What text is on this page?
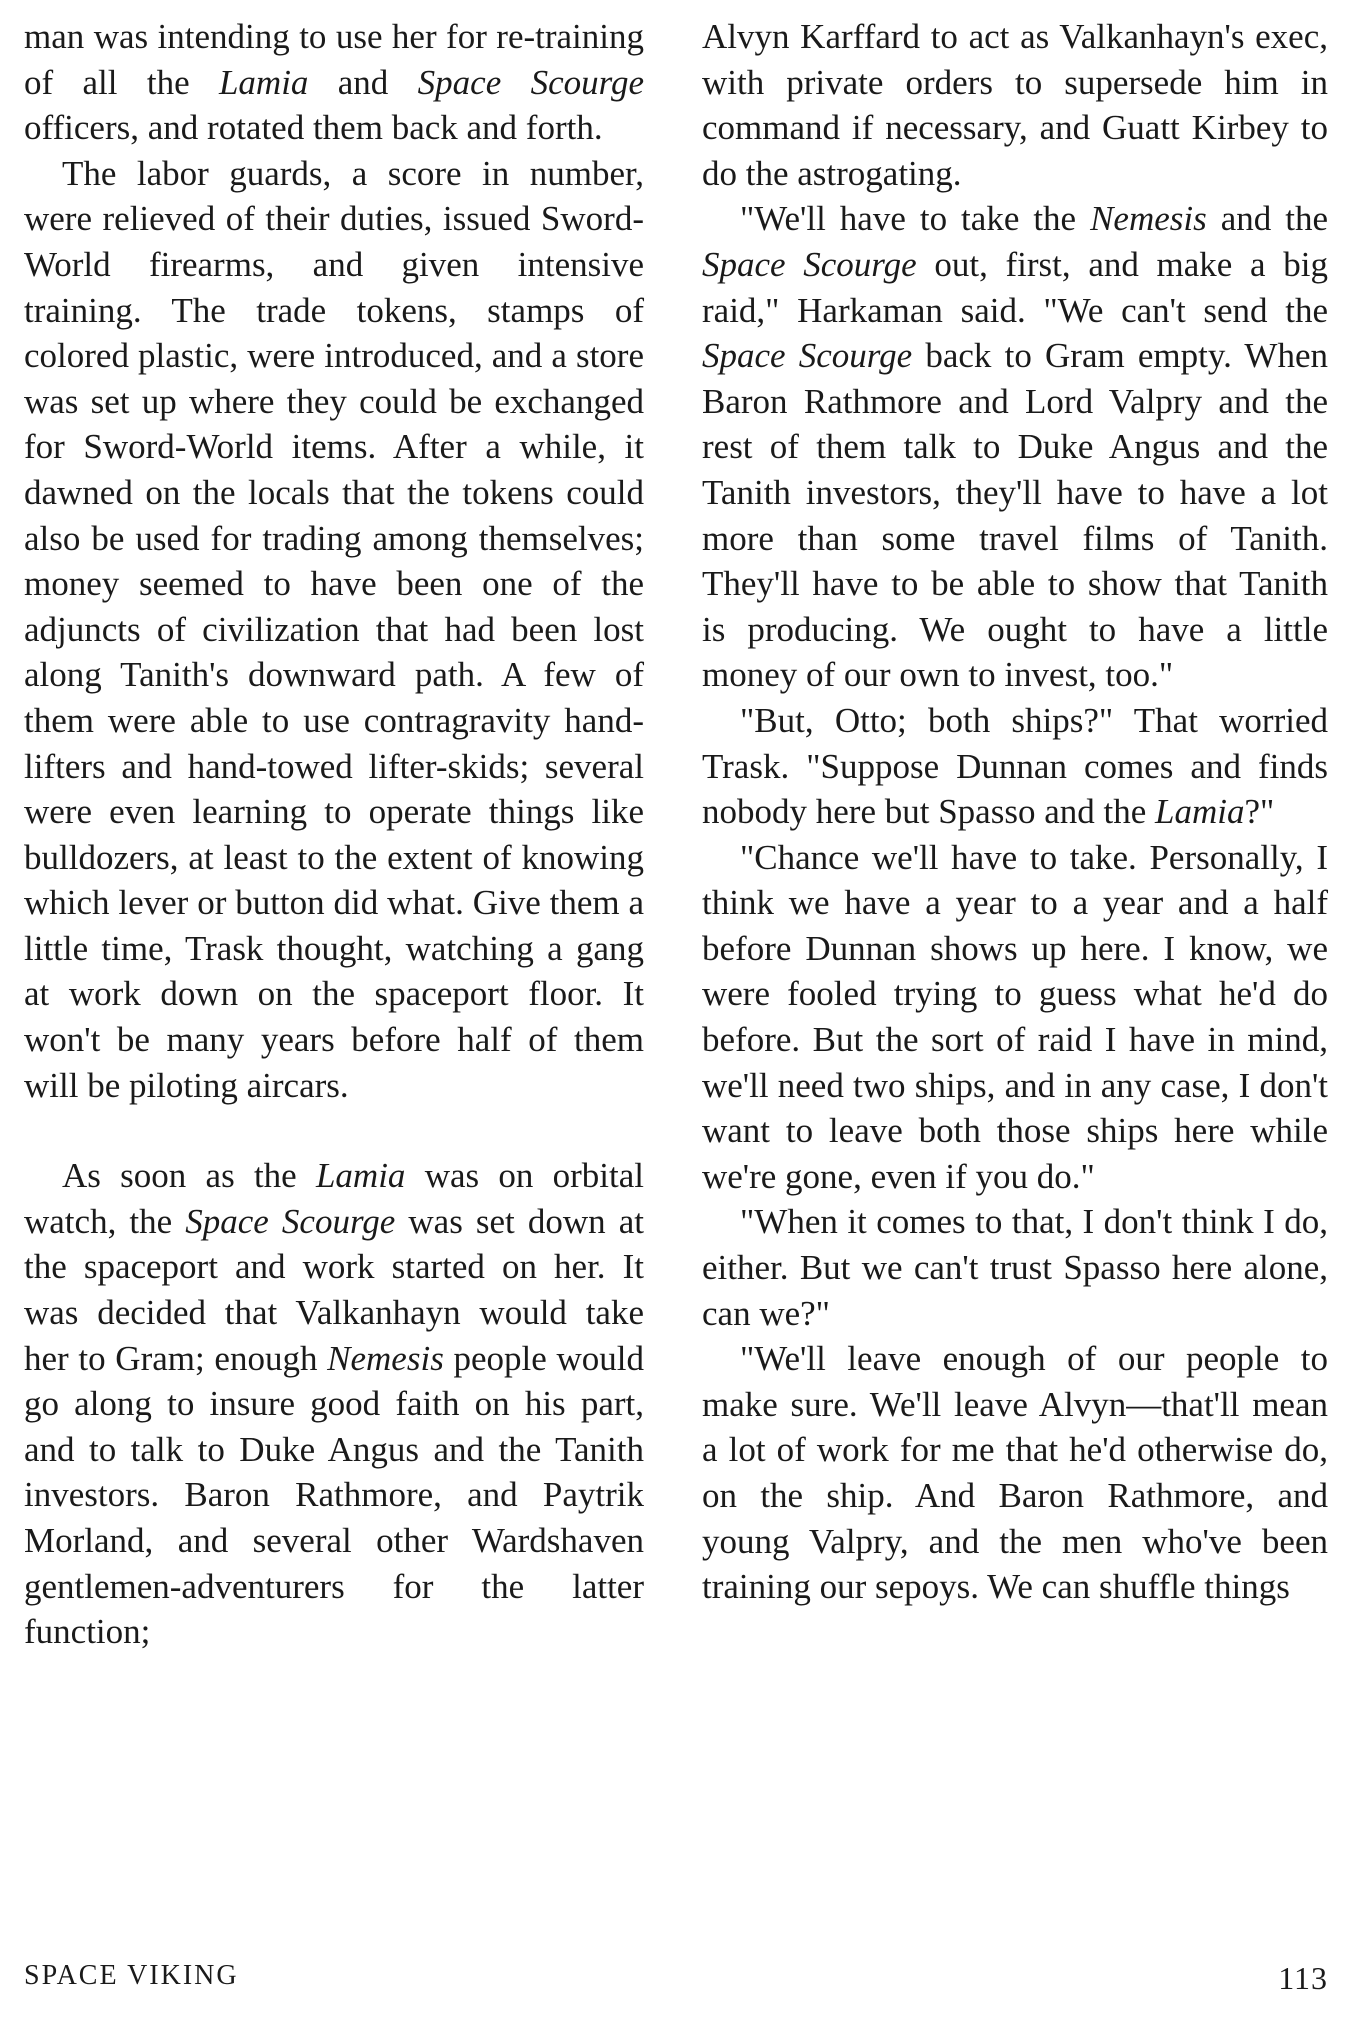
man was intending to use her for re-training of all the Lamia and Space Scourge officers, and rotated them back and forth.

The labor guards, a score in number, were relieved of their duties, issued Sword-World firearms, and given intensive training. The trade tokens, stamps of colored plastic, were introduced, and a store was set up where they could be exchanged for Sword-World items. After a while, it dawned on the locals that the tokens could also be used for trading among themselves; money seemed to have been one of the adjuncts of civilization that had been lost along Tanith's downward path. A few of them were able to use contragravity hand-lifters and hand-towed lifter-skids; several were even learning to operate things like bulldozers, at least to the extent of knowing which lever or button did what. Give them a little time, Trask thought, watching a gang at work down on the spaceport floor. It won't be many years before half of them will be piloting aircars.

As soon as the Lamia was on orbital watch, the Space Scourge was set down at the spaceport and work started on her. It was decided that Valkanhayn would take her to Gram; enough Nemesis people would go along to insure good faith on his part, and to talk to Duke Angus and the Tanith investors. Baron Rathmore, and Paytrik Morland, and several other Wardshaven gentlemen-adventurers for the latter function;

Alvyn Karffard to act as Valkanhayn's exec, with private orders to supersede him in command if necessary, and Guatt Kirbey to do the astrogating.

"We'll have to take the Nemesis and the Space Scourge out, first, and make a big raid," Harkaman said. "We can't send the Space Scourge back to Gram empty. When Baron Rathmore and Lord Valpry and the rest of them talk to Duke Angus and the Tanith investors, they'll have to have a lot more than some travel films of Tanith. They'll have to be able to show that Tanith is producing. We ought to have a little money of our own to invest, too."

"But, Otto; both ships?" That worried Trask. "Suppose Dunnan comes and finds nobody here but Spasso and the Lamia?"

"Chance we'll have to take. Personally, I think we have a year to a year and a half before Dunnan shows up here. I know, we were fooled trying to guess what he'd do before. But the sort of raid I have in mind, we'll need two ships, and in any case, I don't want to leave both those ships here while we're gone, even if you do."

"When it comes to that, I don't think I do, either. But we can't trust Spasso here alone, can we?"

"We'll leave enough of our people to make sure. We'll leave Alvyn—that'll mean a lot of work for me that he'd otherwise do, on the ship. And Baron Rathmore, and young Valpry, and the men who've been training our sepoys. We can shuffle things

SPACE VIKING	113
